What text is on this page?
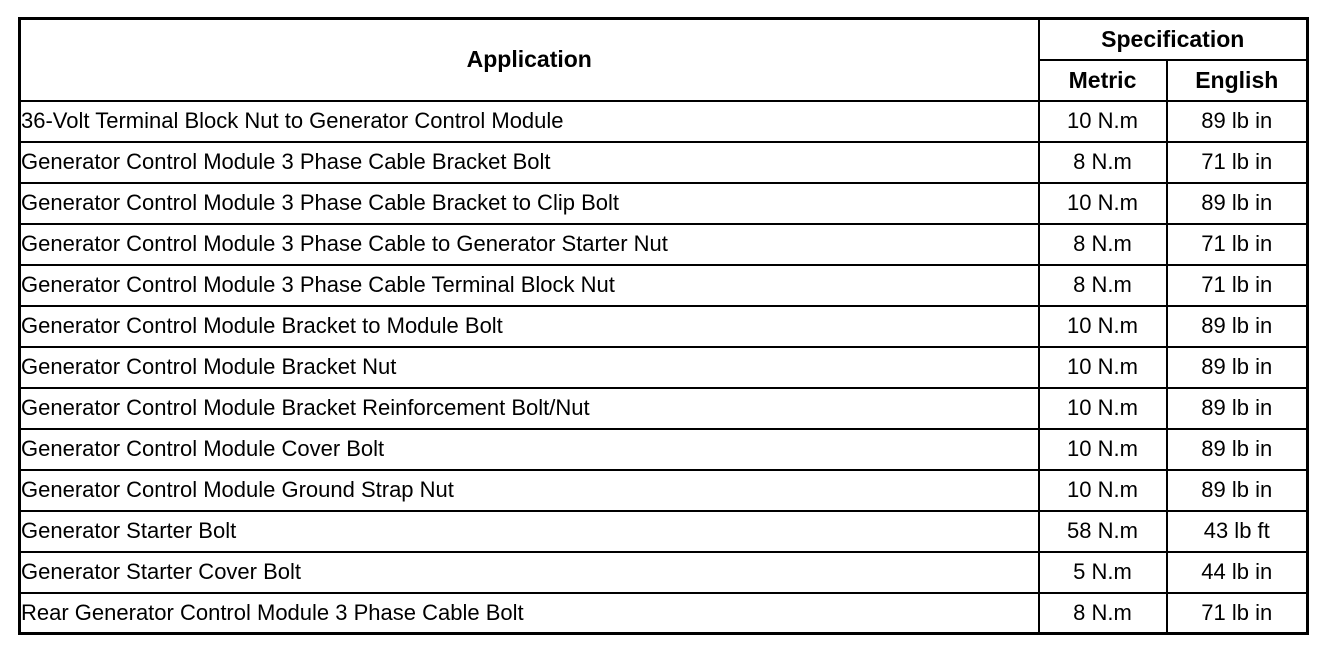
Application	Specification	
	Metric	English
36-Volt Terminal Block Nut to Generator Control Module	10 N.m	89 lb in
Generator Control Module 3 Phase Cable Bracket Bolt	8 N.m	71 lb in
Generator Control Module 3 Phase Cable Bracket to Clip Bolt	10 N.m	89 lb in
Generator Control Module 3 Phase Cable to Generator Starter Nut	8 N.m	71 lb in
Generator Control Module 3 Phase Cable Terminal Block Nut	8 N.m	71 lb in
Generator Control Module Bracket to Module Bolt	10 N.m	89 lb in
Generator Control Module Bracket Nut	10 N.m	89 lb in
Generator Control Module Bracket Reinforcement Bolt/Nut	10 N.m	89 lb in
Generator Control Module Cover Bolt	10 N.m	89 lb in
Generator Control Module Ground Strap Nut	10 N.m	89 lb in
Generator Starter Bolt	58 N.m	43 lb ft
Generator Starter Cover Bolt	5 N.m	44 lb in
Rear Generator Control Module 3 Phase Cable Bolt	8 N.m	71 lb in
